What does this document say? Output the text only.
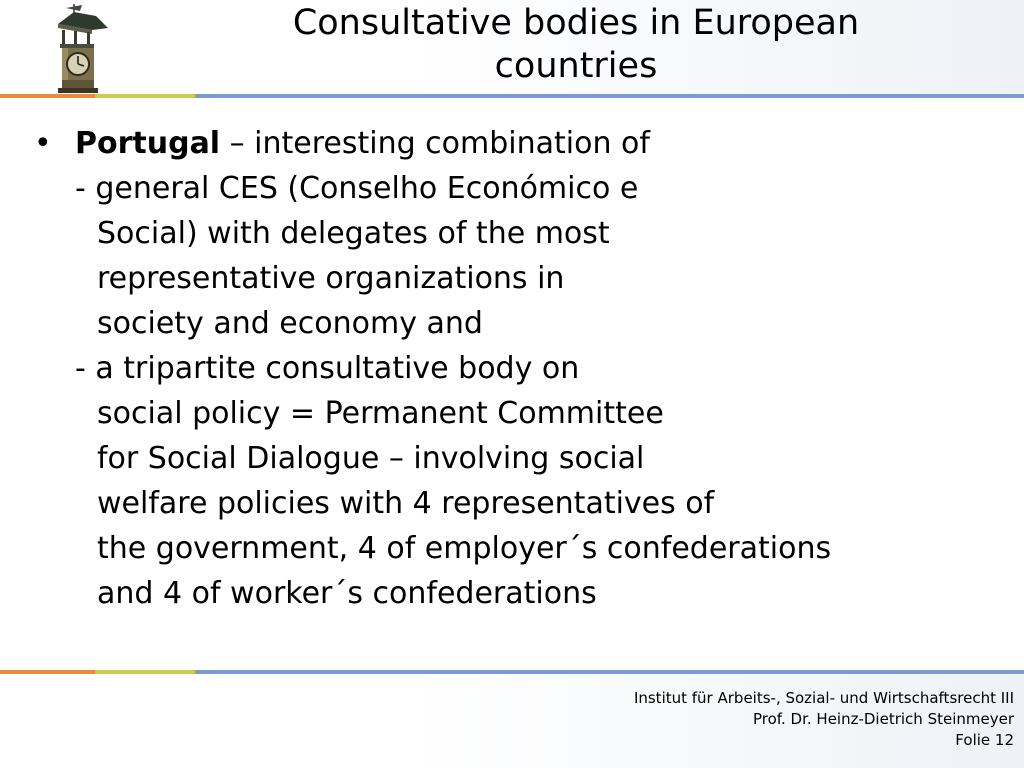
Consultative bodies in European
countries
• Portugal – interesting combination of
- general CES (Conselho Económico e
Social) with delegates of the most
representative organizations in
society and economy and
- a tripartite consultative body on
social policy = Permanent Committee
for Social Dialogue – involving social
welfare policies with 4 representatives of
the government, 4 of employer´s confederations
and 4 of worker´s confederations
Institut für Arbeits-, Sozial- und Wirtschaftsrecht III
Prof. Dr. Heinz-Dietrich Steinmeyer
Folie 12
